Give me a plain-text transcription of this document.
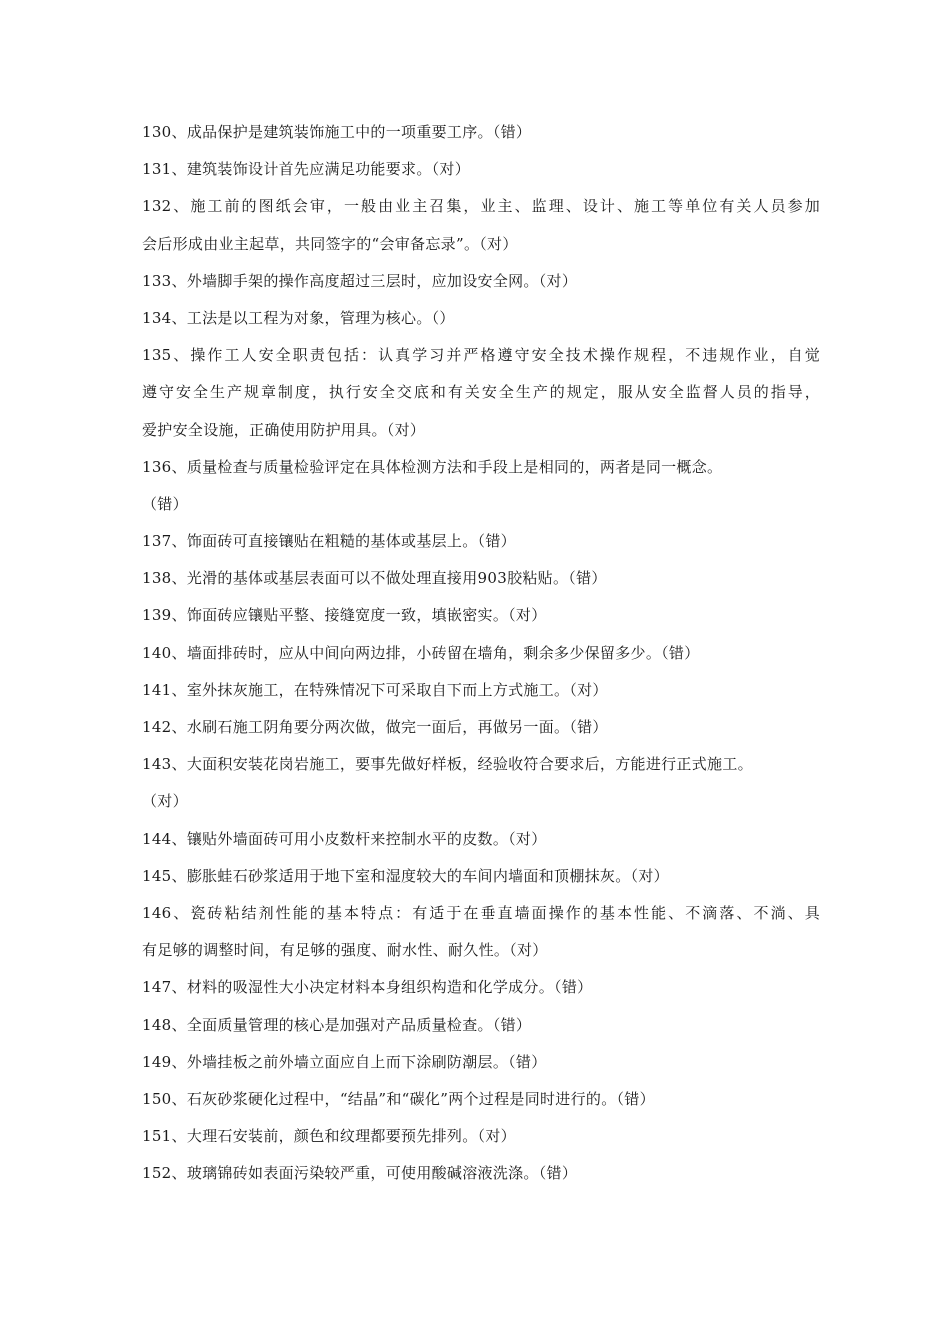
130、成品保护是建筑装饰施工中的一项重要工序。（错）
131、建筑装饰设计首先应满足功能要求。（对）
132、施工前的图纸会审，一般由业主召集，业主、监理、设计、施工等单位有关人员参加
会后形成由业主起草，共同签字的“会审备忘录”。（对）
133、外墙脚手架的操作高度超过三层时，应加设安全网。（对）
134、工法是以工程为对象，管理为核心。（）
135、操作工人安全职责包括：认真学习并严格遵守安全技术操作规程，不违规作业，自觉
遵守安全生产规章制度，执行安全交底和有关安全生产的规定，服从安全监督人员的指导，
爱护安全设施，正确使用防护用具。（对）
136、质量检查与质量检验评定在具体检测方法和手段上是相同的，两者是同一概念。
（错）
137、饰面砖可直接镶贴在粗糙的基体或基层上。（错）
138、光滑的基体或基层表面可以不做处理直接用903胶粘贴。（错）
139、饰面砖应镶贴平整、接缝宽度一致，填嵌密实。（对）
140、墙面排砖时，应从中间向两边排，小砖留在墙角，剩余多少保留多少。（错）
141、室外抹灰施工，在特殊情况下可采取自下而上方式施工。（对）
142、水刷石施工阴角要分两次做，做完一面后，再做另一面。（错）
143、大面积安装花岗岩施工，要事先做好样板，经验收符合要求后，方能进行正式施工。
（对）
144、镶贴外墙面砖可用小皮数杆来控制水平的皮数。（对）
145、膨胀蛙石砂浆适用于地下室和湿度较大的车间内墙面和顶棚抹灰。（对）
146、瓷砖粘结剂性能的基本特点：有适于在垂直墙面操作的基本性能、不滴落、不淌、具
有足够的调整时间，有足够的强度、耐水性、耐久性。（对）
147、材料的吸湿性大小决定材料本身组织构造和化学成分。（错）
148、全面质量管理的核心是加强对产品质量检查。（错）
149、外墙挂板之前外墙立面应自上而下涂刷防潮层。（错）
150、石灰砂浆硬化过程中，“结晶”和“碳化”两个过程是同时进行的。（错）
151、大理石安装前，颜色和纹理都要预先排列。（对）
152、玻璃锦砖如表面污染较严重，可使用酸碱溶液洗涤。（错）
